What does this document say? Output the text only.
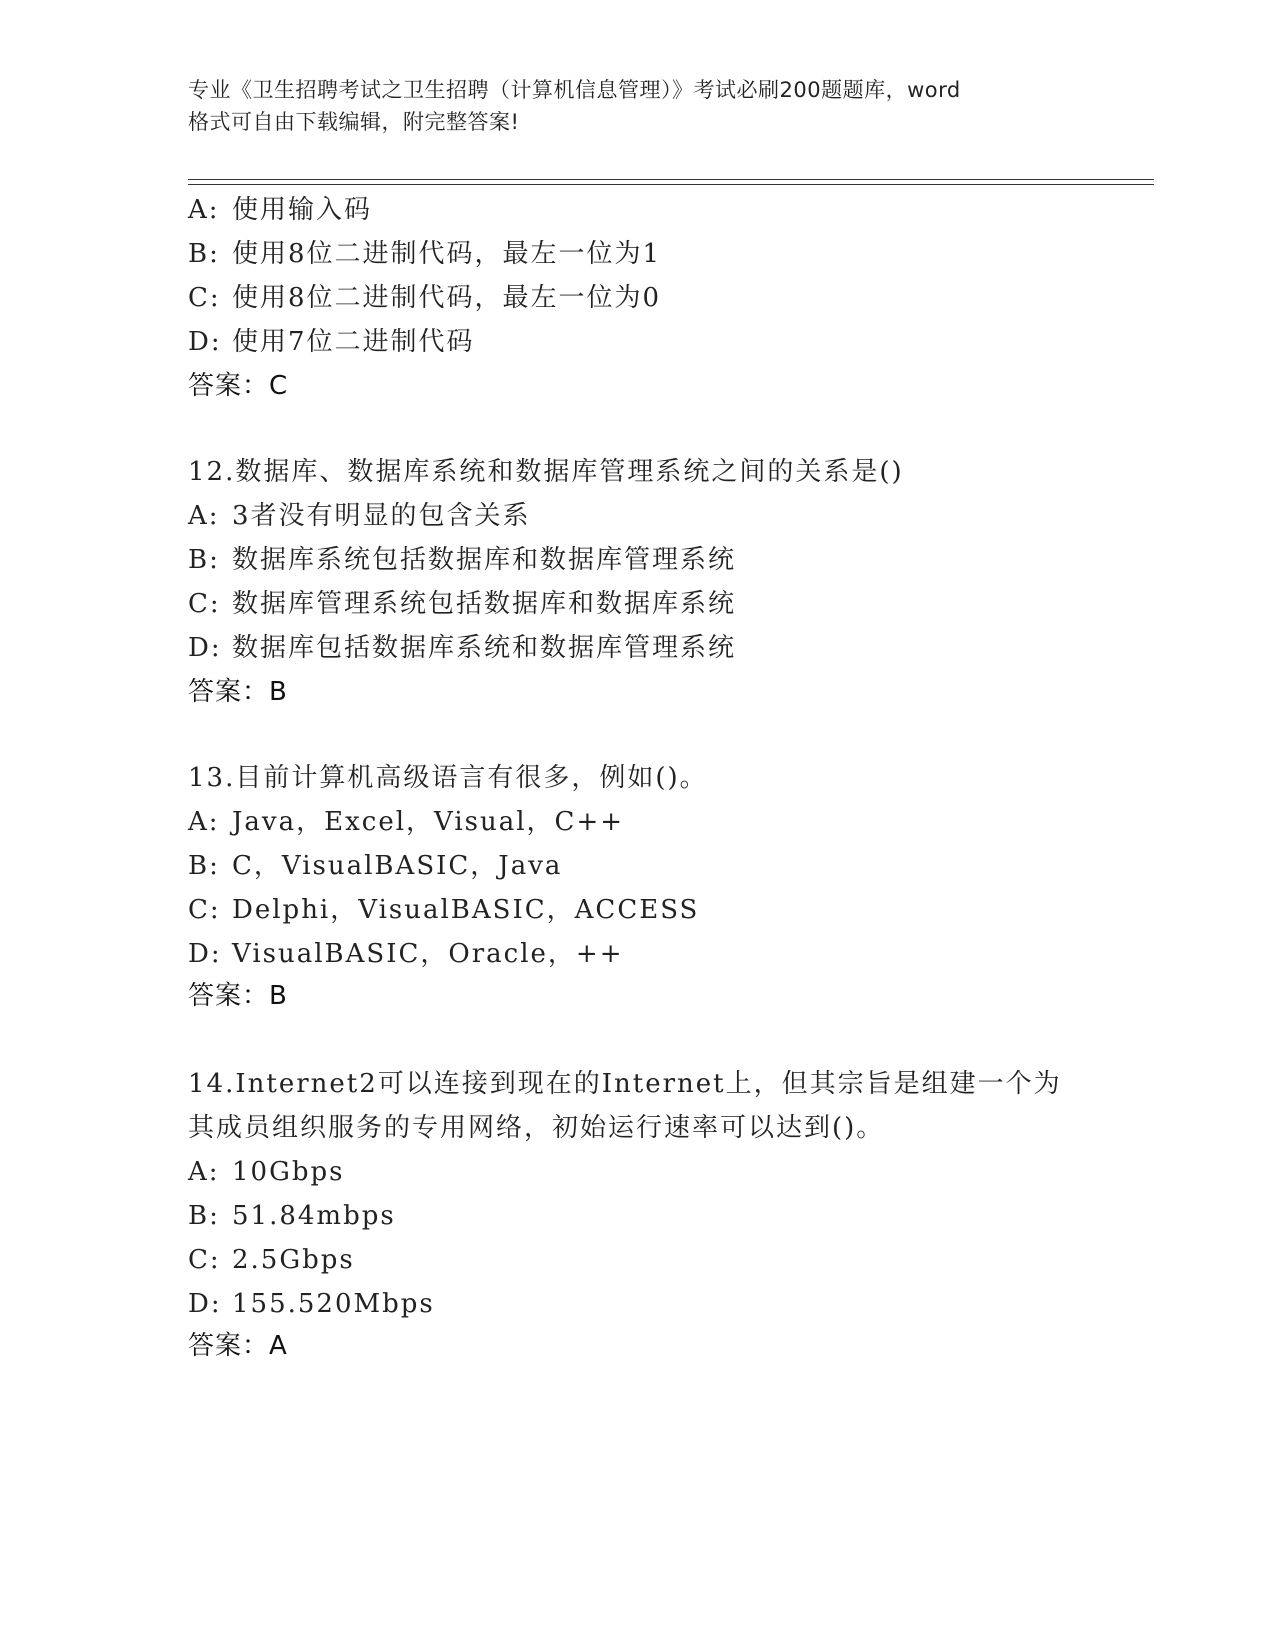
专业《卫生招聘考试之卫生招聘（计算机信息管理）》考试必刷200题题库，word
格式可自由下载编辑，附完整答案!
A: 使用输入码
B: 使用8位二进制代码，最左一位为1
C: 使用8位二进制代码，最左一位为0
D: 使用7位二进制代码
答案：C
12.数据库、数据库系统和数据库管理系统之间的关系是()
A: 3者没有明显的包含关系
B: 数据库系统包括数据库和数据库管理系统
C: 数据库管理系统包括数据库和数据库系统
D: 数据库包括数据库系统和数据库管理系统
答案：B
13.目前计算机高级语言有很多，例如()。
A: Java，Excel，Visual，C++
B: C，VisualBASIC，Java
C: Delphi，VisualBASIC，ACCESS
D: VisualBASIC，Oracle，++
答案：B
14.Internet2可以连接到现在的Internet上，但其宗旨是组建一个为
其成员组织服务的专用网络，初始运行速率可以达到()。
A: 10Gbps
B: 51.84mbps
C: 2.5Gbps
D: 155.520Mbps
答案：A
